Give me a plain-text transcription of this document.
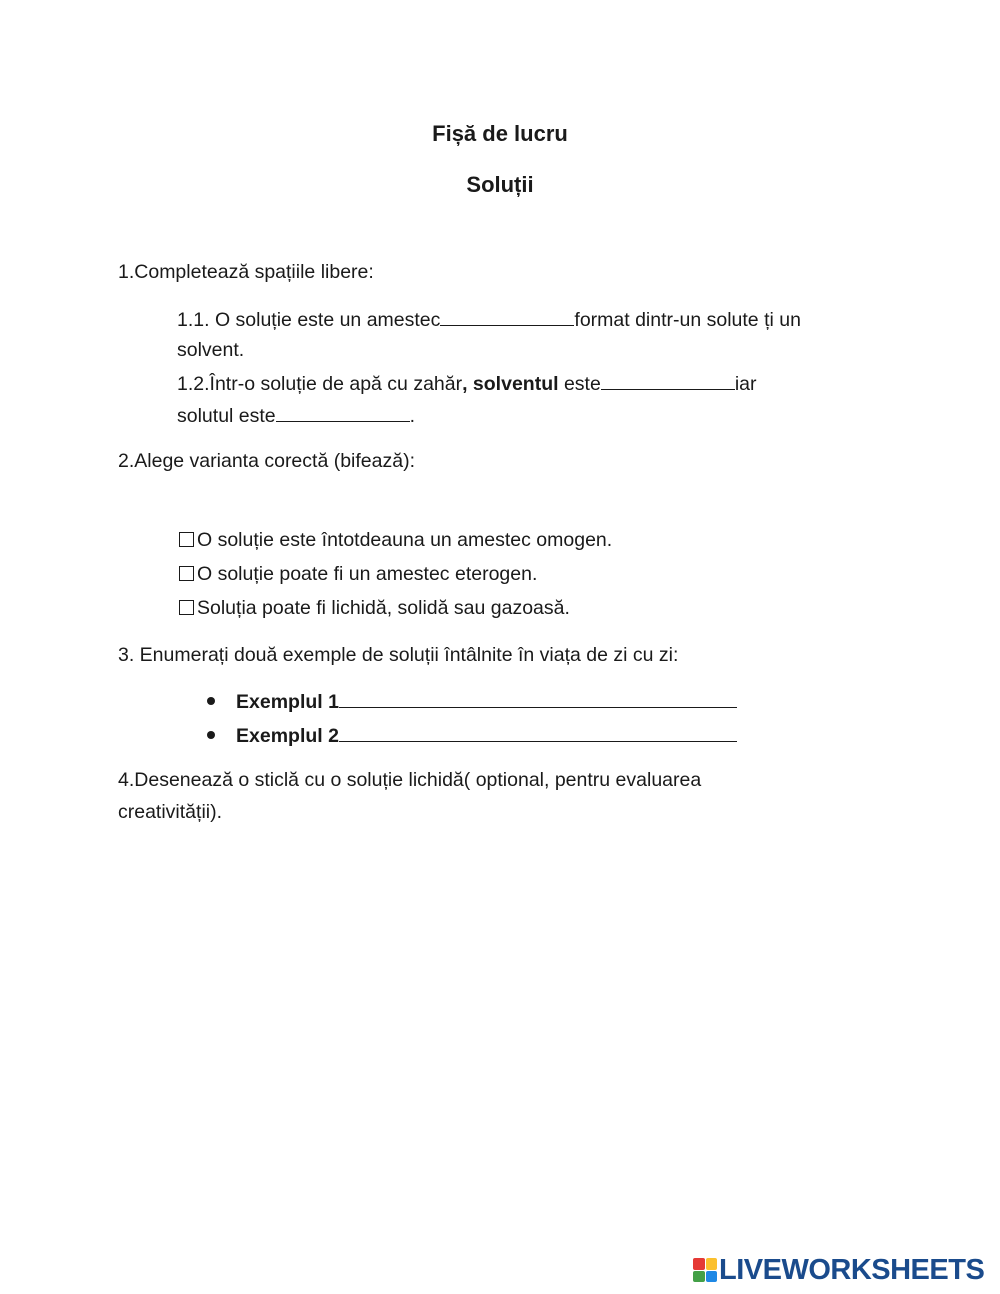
Fișă de lucru
Soluții
1.Completează spațiile libere:
1.1. O soluție este un amestec	format dintr-un solute ți un
solvent.
1.2.Într-o soluție de apă cu zahăr, solventul este	iar
solutul este	.
2.Alege varianta corectă (bifează):
O soluție este întotdeauna un amestec omogen.
O soluție poate fi un amestec eterogen.
Soluția poate fi lichidă, solidă sau gazoasă.
3. Enumerați două exemple de soluții întâlnite în viața de zi cu zi:
Exemplul 1
Exemplul 2
4.Desenează o sticlă cu o soluție lichidă( optional, pentru evaluarea
creativității).
LIVEWORKSHEETS
